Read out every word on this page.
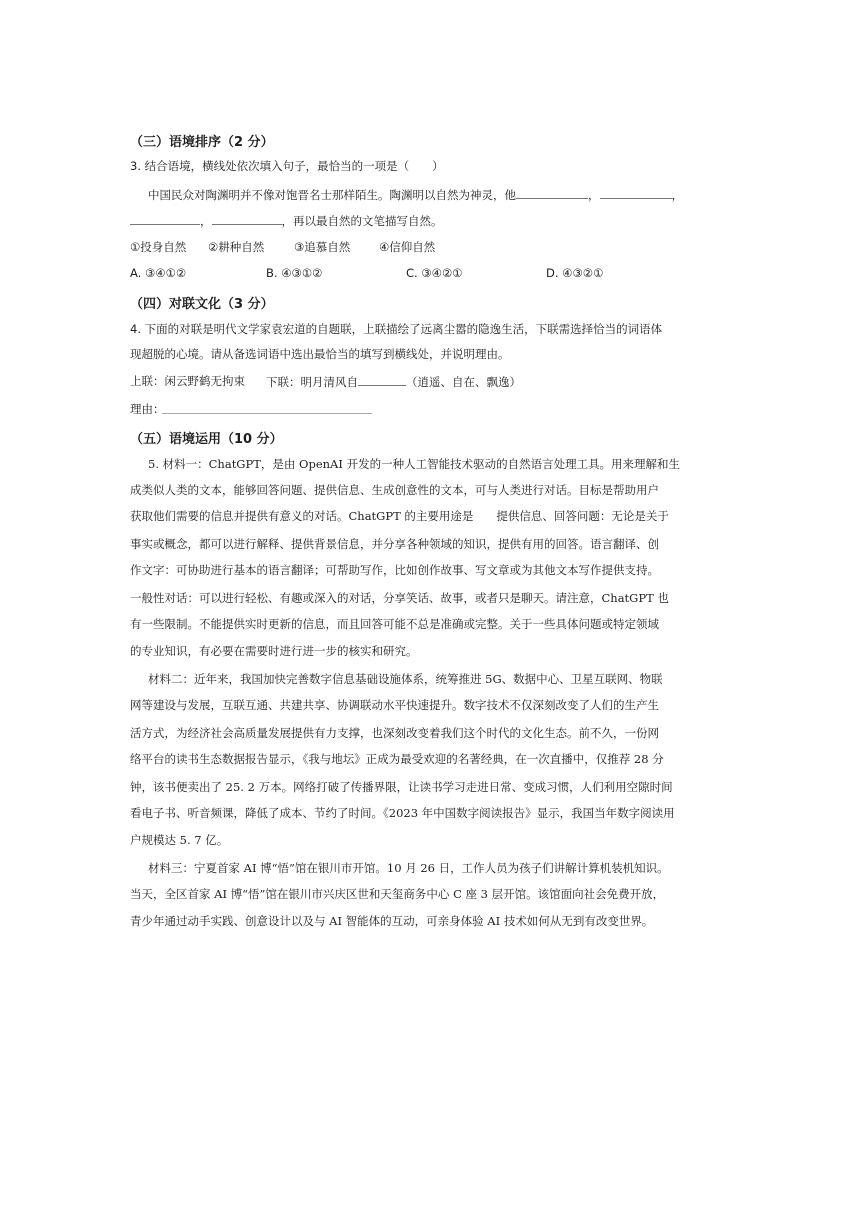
（三）语境排序（2 分）
3. 结合语境，横线处依次填入句子，最恰当的一项是（　　）
中国民众对陶渊明并不像对饱晋名士那样陌生。陶渊明以自然为神灵，他	，	，
，	，再以最自然的文笔描写自然。
①投身自然 ②耕种自然	③追慕自然 ④信仰自然
A. ③④①②	B. ④③①②	C. ③④②①	D. ④③②①
（四）对联文化（3 分）
4. 下面的对联是明代文学家袁宏道的自题联，上联描绘了远离尘嚣的隐逸生活，下联需选择恰当的词语体
现超脱的心境。请从备选词语中选出最恰当的填写到横线处，并说明理由。
上联：闲云野鹤无拘束 下联：明月清风自	（逍遥、自在、飘逸）
理由：
（五）语境运用（10 分）
5. 材料一：ChatGPT，是由 OpenAI 开发的一种人工智能技术驱动的自然语言处理工具。用来理解和生
成类似人类的文本，能够回答问题、提供信息、生成创意性的文本，可与人类进行对话。目标是帮助用户
获取他们需要的信息并提供有意义的对话。ChatGPT 的主要用途是　　提供信息、回答问题：无论是关于
事实或概念，都可以进行解释、提供背景信息，并分享各种领域的知识，提供有用的回答。语言翻译、创
作文字：可协助进行基本的语言翻译；可帮助写作，比如创作故事、写文章或为其他文本写作提供支持。
一般性对话：可以进行轻松、有趣或深入的对话，分享笑话、故事，或者只是聊天。请注意，ChatGPT 也
有一些限制。不能提供实时更新的信息，而且回答可能不总是准确或完整。关于一些具体问题或特定领域
的专业知识，有必要在需要时进行进一步的核实和研究。
材料二：近年来，我国加快完善数字信息基础设施体系，统筹推进 5G、数据中心、卫星互联网、物联
网等建设与发展，互联互通、共建共享、协调联动水平快速提升。数字技术不仅深刻改变了人们的生产生
活方式，为经济社会高质量发展提供有力支撑，也深刻改变着我们这个时代的文化生态。前不久，一份网
络平台的读书生态数据报告显示，《我与地坛》正成为最受欢迎的名著经典，在一次直播中，仅推荐 28 分
钟，该书便卖出了 25. 2 万本。网络打破了传播界限，让读书学习走进日常、变成习惯，人们利用空隙时间
看电子书、听音频课，降低了成本、节约了时间。《2023 年中国数字阅读报告》显示，我国当年数字阅读用
户规模达 5. 7 亿。
材料三：宁夏首家 AI 博“悟”馆在银川市开馆。10 月 26 日，工作人员为孩子们讲解计算机装机知识。
当天，全区首家 AI 博“悟”馆在银川市兴庆区世和天玺商务中心 C 座 3 层开馆。该馆面向社会免费开放，
青少年通过动手实践、创意设计以及与 AI 智能体的互动，可亲身体验 AI 技术如何从无到有改变世界。
